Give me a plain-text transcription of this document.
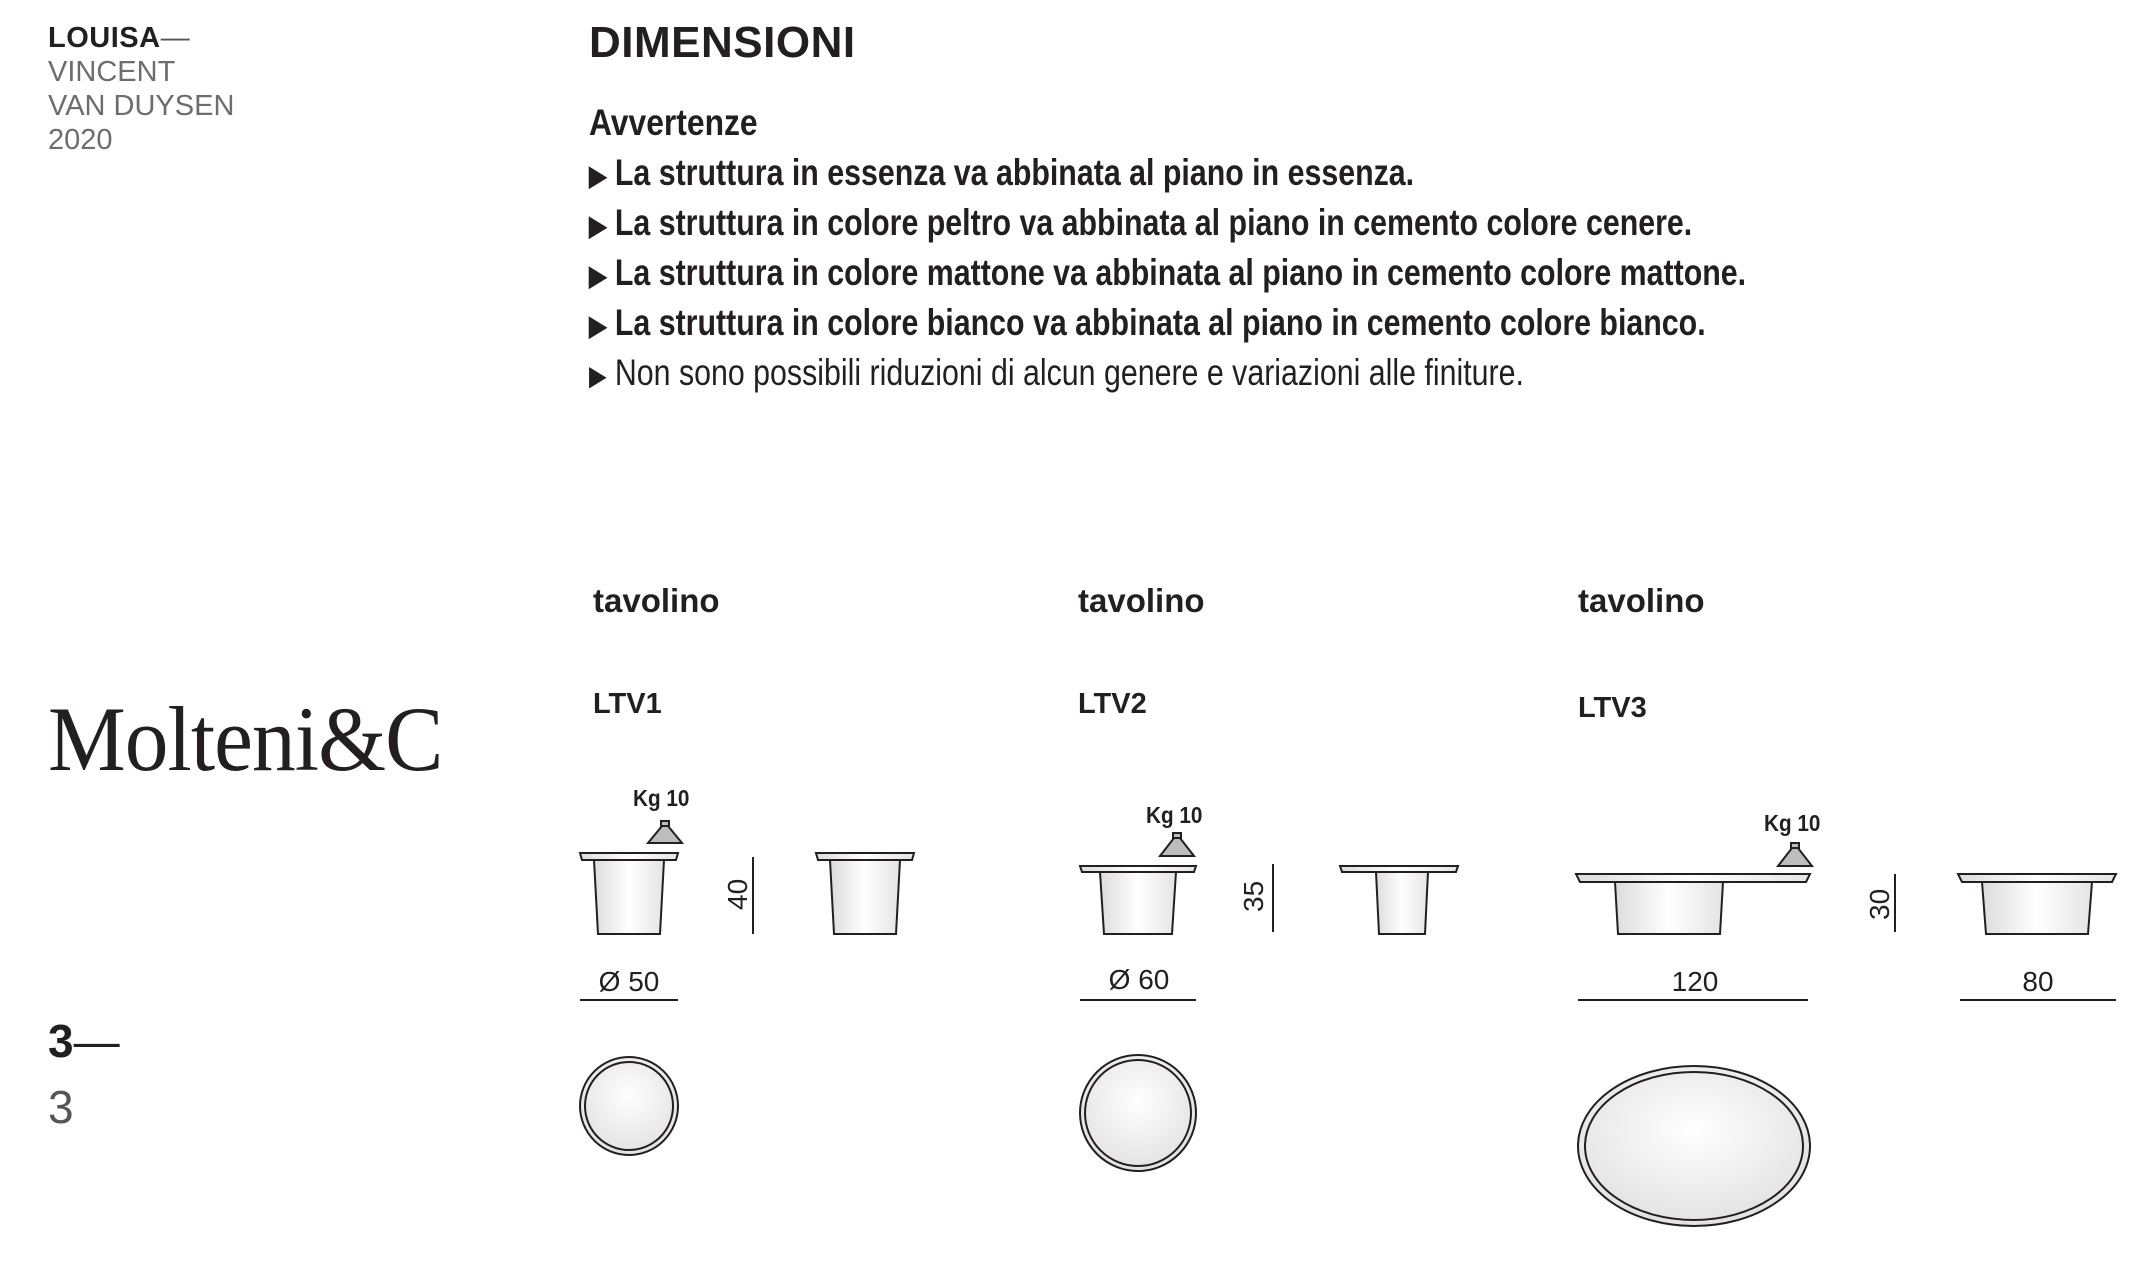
LOUISA—
VINCENT
VAN DUYSEN
2020
Molteni&C
3—
3
DIMENSIONI
Avvertenze
▶ La struttura in essenza va abbinata al piano in essenza.
▶ La struttura in colore peltro va abbinata al piano in cemento colore cenere.
▶ La struttura in colore mattone va abbinata al piano in cemento colore mattone.
▶ La struttura in colore bianco va abbinata al piano in cemento colore bianco.
▶ Non sono possibili riduzioni di alcun genere e variazioni alle finiture.
tavolino	tavolino	tavolino
LTV1	LTV2	LTV3
Kg 10
Kg 10	Kg 10
Ø 50	Ø 60	120	80
40	35	30
